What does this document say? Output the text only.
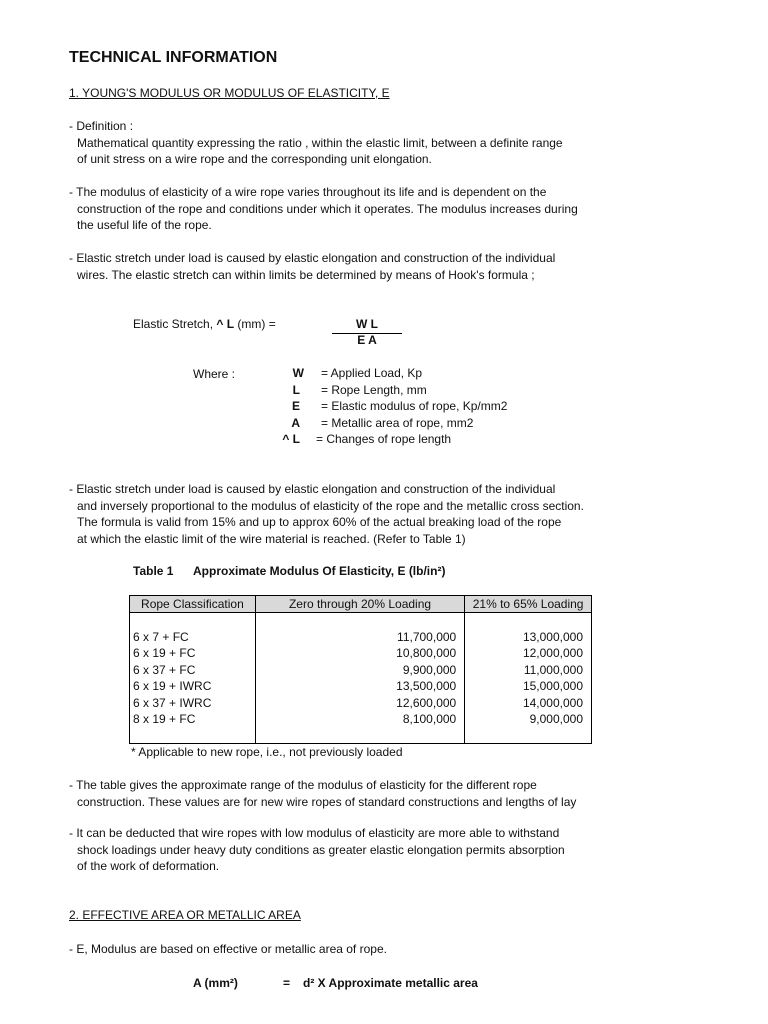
TECHNICAL INFORMATION
1. YOUNG'S MODULUS OR MODULUS OF ELASTICITY, E
- Definition :
Mathematical quantity expressing the ratio , within the elastic limit, between a definite range
of unit stress on a wire rope and the corresponding unit elongation.
- The modulus of elasticity of a wire rope varies throughout its life and is dependent on the
construction of the rope and conditions under which it operates. The modulus increases during
the useful life of the rope.
- Elastic stretch under load is caused by elastic elongation and construction of the individual
wires. The elastic stretch can within limits be determined by means of Hook's formula ;
Elastic Stretch, ^ L (mm) =	W L
E A
Where :	W = Applied Load, Kp
L = Rope Length, mm
E = Elastic modulus of rope, Kp/mm2
A = Metallic area of rope, mm2
^ L = Changes of rope length
- Elastic stretch under load is caused by elastic elongation and construction of the individual
and inversely proportional to the modulus of elasticity of the rope and the metallic cross section.
The formula is valid from 15% and up to approx 60% of the actual breaking load of the rope
at which the elastic limit of the wire material is reached. (Refer to Table 1)
Table 1 Approximate Modulus Of Elasticity, E (lb/in²)
Rope Classification	Zero through 20% Loading	21% to 65% Loading

6 x 7 + FC	11,700,000	13,000,000
6 x 19 + FC	10,800,000	12,000,000
6 x 37 + FC	9,900,000	11,000,000
6 x 19 + IWRC	13,500,000	15,000,000
6 x 37 + IWRC	12,600,000	14,000,000
8 x 19 + FC	8,100,000	9,000,000

* Applicable to new rope, i.e., not previously loaded
- The table gives the approximate range of the modulus of elasticity for the different rope
construction. These values are for new wire ropes of standard constructions and lengths of lay
- It can be deducted that wire ropes with low modulus of elasticity are more able to withstand
shock loadings under heavy duty conditions as greater elastic elongation permits absorption
of the work of deformation.
2. EFFECTIVE AREA OR METALLIC AREA
- E, Modulus are based on effective or metallic area of rope.
A (mm²)	= d² X Approximate metallic area
